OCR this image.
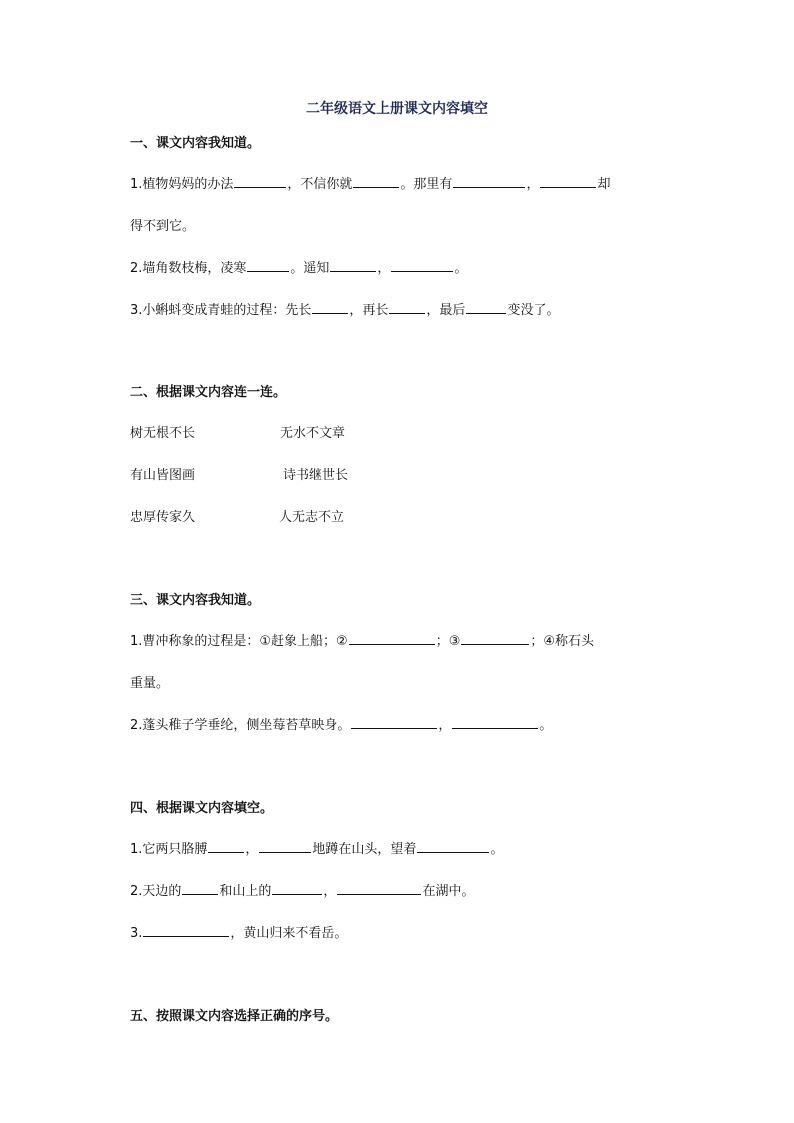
二年级语文上册课文内容填空
一、课文内容我知道。
1.植物妈妈的办法	，不信你就	。那里有	，	却
得不到它。
2.墙角数枝梅，凌寒	。遥知	，	。
3.小蝌蚪变成青蛙的过程：先长	，再长	，最后	变没了。
二、根据课文内容连一连。
树无根不长	无水不文章
有山皆图画	诗书继世长
忠厚传家久	人无志不立
三、课文内容我知道。
1.曹冲称象的过程是：①赶象上船；②	；③	；④称石头
重量。
2.蓬头稚子学垂纶，侧坐莓苔草映身。	，	。
四、根据课文内容填空。
1.它两只胳膊	，	地蹲在山头，望着	。
2.天边的	和山上的	，	在湖中。
3.	，黄山归来不看岳。
五、按照课文内容选择正确的序号。
